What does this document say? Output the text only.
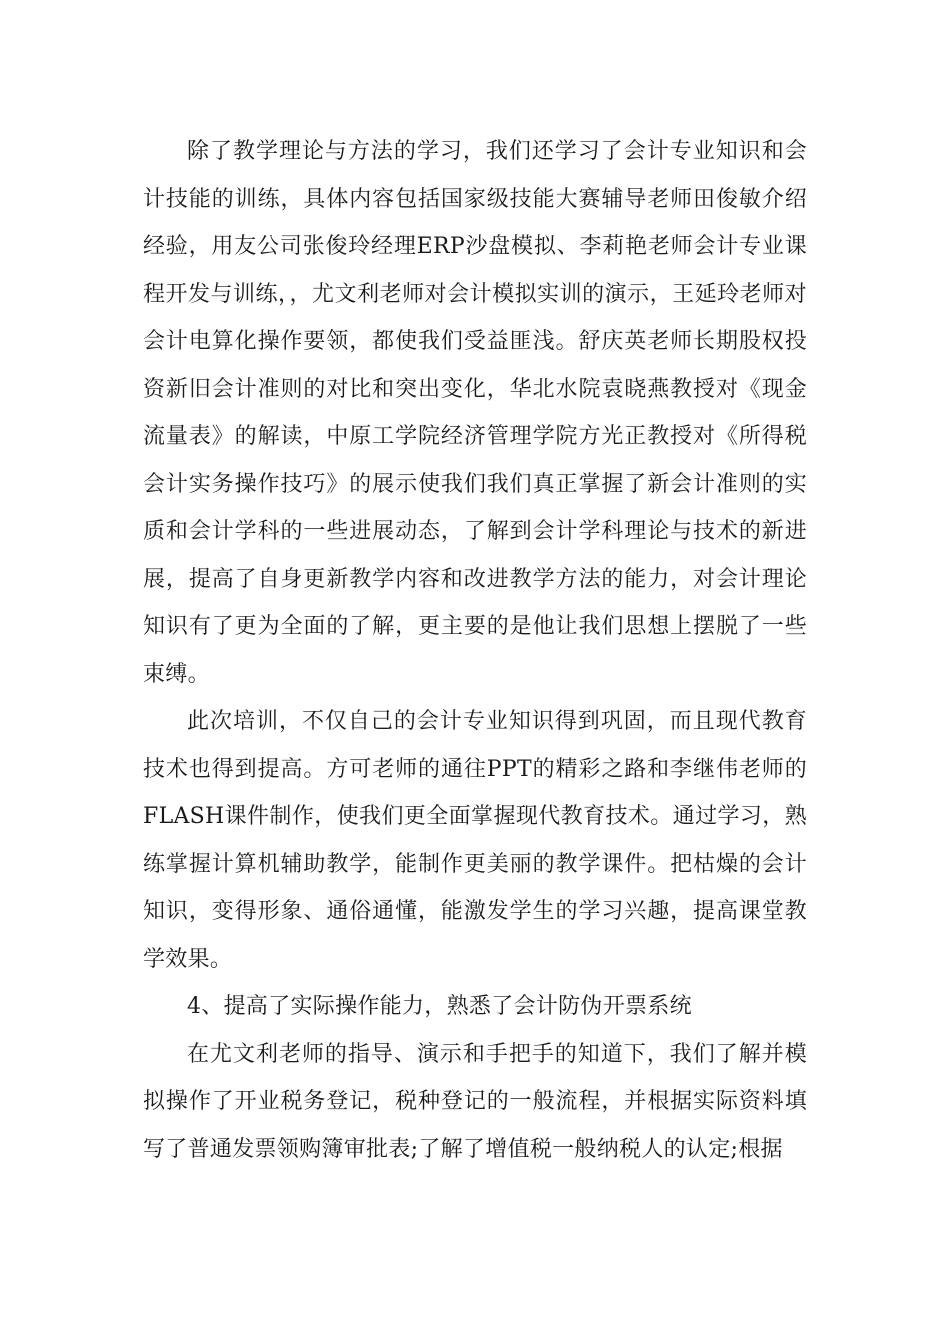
除了教学理论与方法的学习，我们还学习了会计专业知识和会计技能的训练，具体内容包括国家级技能大赛辅导老师田俊敏介绍经验，用友公司张俊玲经理ERP沙盘模拟、李莉艳老师会计专业课程开发与训练，，尤文利老师对会计模拟实训的演示，王延玲老师对会计电算化操作要领，都使我们受益匪浅。舒庆英老师长期股权投资新旧会计准则的对比和突出变化，华北水院袁晓燕教授对《现金流量表》的解读，中原工学院经济管理学院方光正教授对《所得税会计实务操作技巧》的展示使我们我们真正掌握了新会计准则的实质和会计学科的一些进展动态，了解到会计学科理论与技术的新进展，提高了自身更新教学内容和改进教学方法的能力，对会计理论知识有了更为全面的了解，更主要的是他让我们思想上摆脱了一些束缚。

此次培训，不仅自己的会计专业知识得到巩固，而且现代教育技术也得到提高。方可老师的通往PPT的精彩之路和李继伟老师的FLASH课件制作，使我们更全面掌握现代教育技术。通过学习，熟练掌握计算机辅助教学，能制作更美丽的教学课件。把枯燥的会计知识，变得形象、通俗通懂，能激发学生的学习兴趣，提高课堂教学效果。

4、提高了实际操作能力，熟悉了会计防伪开票系统

在尤文利老师的指导、演示和手把手的知道下，我们了解并模拟操作了开业税务登记，税种登记的一般流程，并根据实际资料填写了普通发票领购簿审批表;了解了增值税一般纳税人的认定;根据
